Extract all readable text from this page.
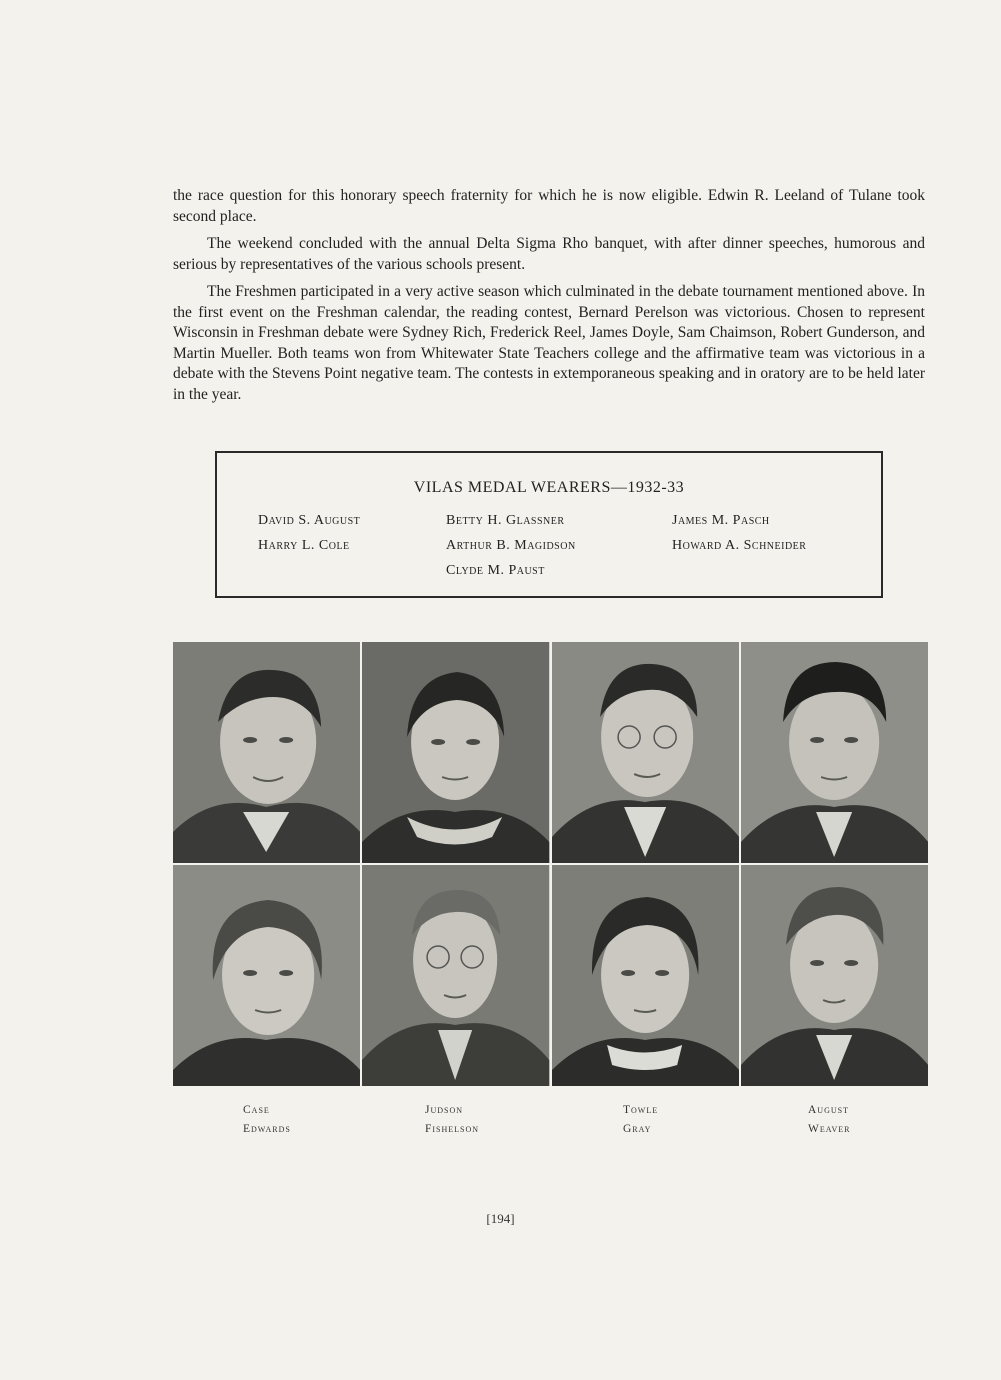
the race question for this honorary speech fraternity for which he is now eligible. Edwin R. Leeland of Tulane took second place.

The weekend concluded with the annual Delta Sigma Rho banquet, with after dinner speeches, humorous and serious by representatives of the various schools present.

The Freshmen participated in a very active season which culminated in the debate tournament mentioned above. In the first event on the Freshman calendar, the reading contest, Bernard Perelson was victorious. Chosen to represent Wisconsin in Freshman debate were Sydney Rich, Frederick Reel, James Doyle, Sam Chaimson, Robert Gunderson, and Martin Mueller. Both teams won from Whitewater State Teachers college and the affirmative team was victorious in a debate with the Stevens Point negative team. The contests in extemporaneous speaking and in oratory are to be held later in the year.

VILAS MEDAL WEARERS—1932-33
David S. August
Harry L. Cole
Betty H. Glassner
Arthur B. Magidson
Clyde M. Paust
James M. Pasch
Howard A. Schneider
Case
Edwards
Judson
Fishelson
Towle
Gray
August
Weaver
[194]
